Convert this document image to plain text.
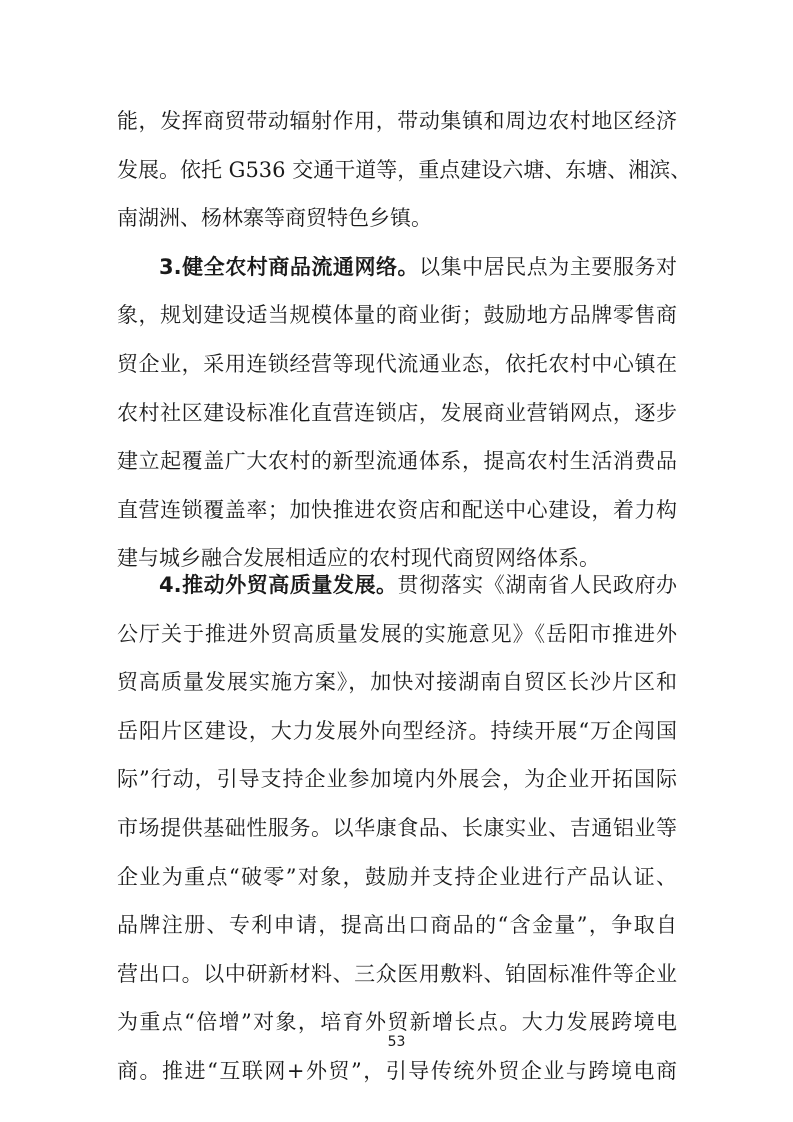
能，发挥商贸带动辐射作用，带动集镇和周边农村地区经济
发展。依托 G536 交通干道等，重点建设六塘、东塘、湘滨、
南湖洲、杨林寨等商贸特色乡镇。
3.健全农村商品流通网络。以集中居民点为主要服务对
象，规划建设适当规模体量的商业街；鼓励地方品牌零售商
贸企业，采用连锁经营等现代流通业态，依托农村中心镇在
农村社区建设标准化直营连锁店，发展商业营销网点，逐步
建立起覆盖广大农村的新型流通体系，提高农村生活消费品
直营连锁覆盖率；加快推进农资店和配送中心建设，着力构
建与城乡融合发展相适应的农村现代商贸网络体系。
4.推动外贸高质量发展。贯彻落实《湖南省人民政府办
公厅关于推进外贸高质量发展的实施意见》《岳阳市推进外
贸高质量发展实施方案》，加快对接湖南自贸区长沙片区和
岳阳片区建设，大力发展外向型经济。持续开展“万企闯国
际”行动，引导支持企业参加境内外展会，为企业开拓国际
市场提供基础性服务。以华康食品、长康实业、吉通铝业等
企业为重点“破零”对象，鼓励并支持企业进行产品认证、
品牌注册、专利申请，提高出口商品的“含金量”，争取自
营出口。以中研新材料、三众医用敷料、铂固标准件等企业
为重点“倍增”对象，培育外贸新增长点。大力发展跨境电
商。推进“互联网+外贸”，引导传统外贸企业与跨境电商
53
